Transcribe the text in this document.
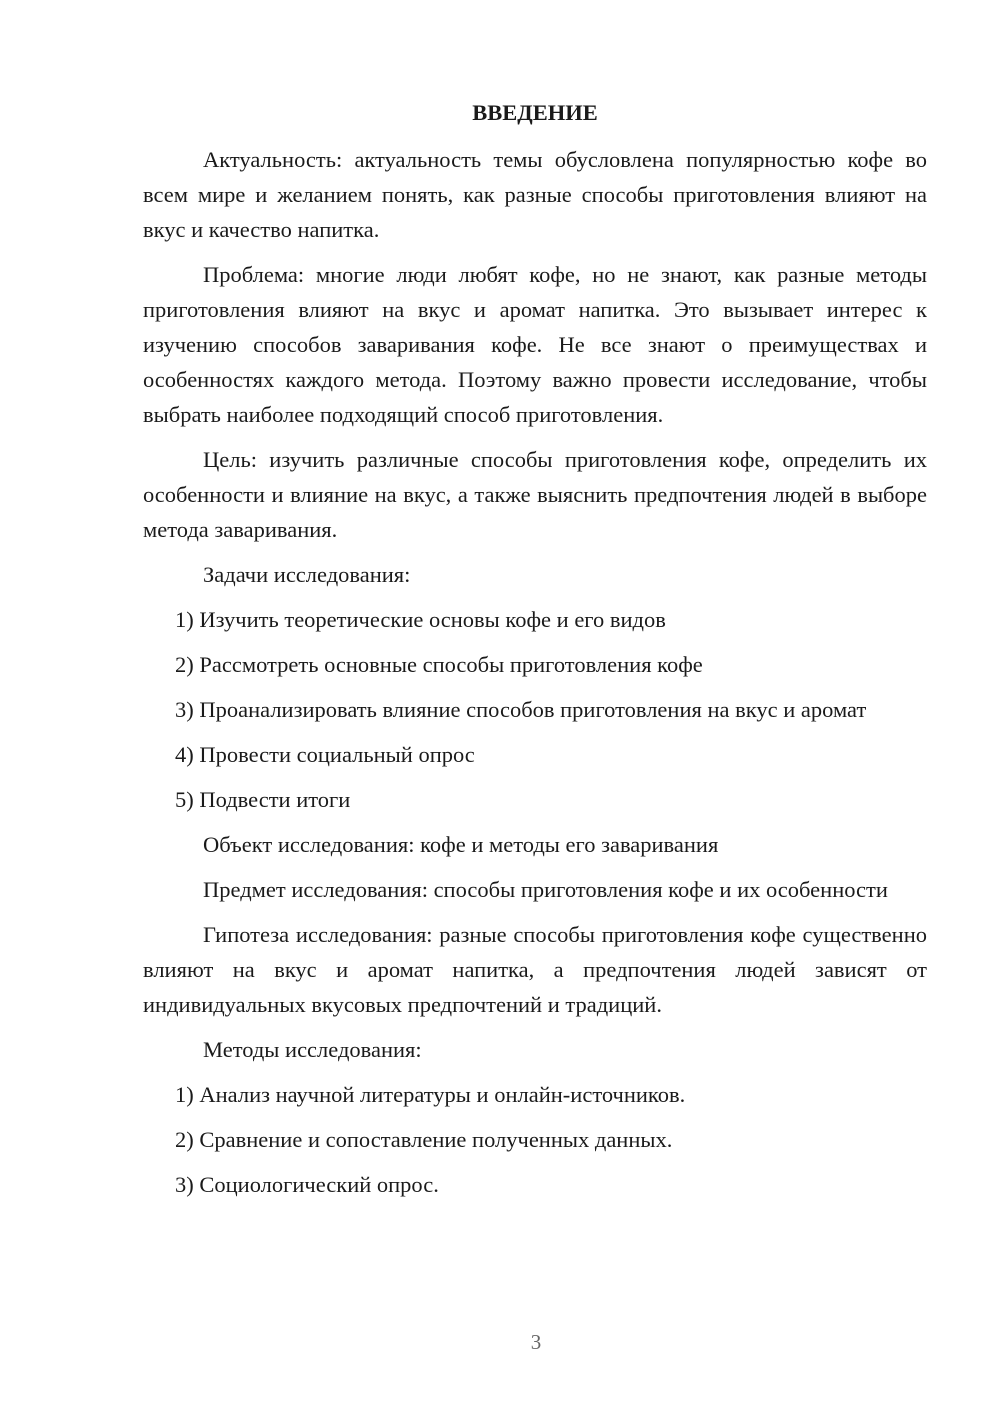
ВВЕДЕНИЕ

Актуальность: актуальность темы обусловлена популярностью кофе во всем мире и желанием понять, как разные способы приготовления влияют на вкус и качество напитка.

Проблема: многие люди любят кофе, но не знают, как разные методы приготовления влияют на вкус и аромат напитка. Это вызывает интерес к изучению способов заваривания кофе. Не все знают о преимуществах и особенностях каждого метода. Поэтому важно провести исследование, чтобы выбрать наиболее подходящий способ приготовления.

Цель: изучить различные способы приготовления кофе, определить их особенности и влияние на вкус, а также выяснить предпочтения людей в выборе метода заваривания.

Задачи исследования:

1) Изучить теоретические основы кофе и его видов

2) Рассмотреть основные способы приготовления кофе

3) Проанализировать влияние способов приготовления на вкус и аромат

4) Провести социальный опрос

5) Подвести итоги

Объект исследования: кофе и методы его заваривания

Предмет исследования: способы приготовления кофе и их особенности

Гипотеза исследования: разные способы приготовления кофе существенно влияют на вкус и аромат напитка, а предпочтения людей зависят от индивидуальных вкусовых предпочтений и традиций.

Методы исследования:

1) Анализ научной литературы и онлайн-источников.

2) Сравнение и сопоставление полученных данных.

3) Социологический опрос.

3
